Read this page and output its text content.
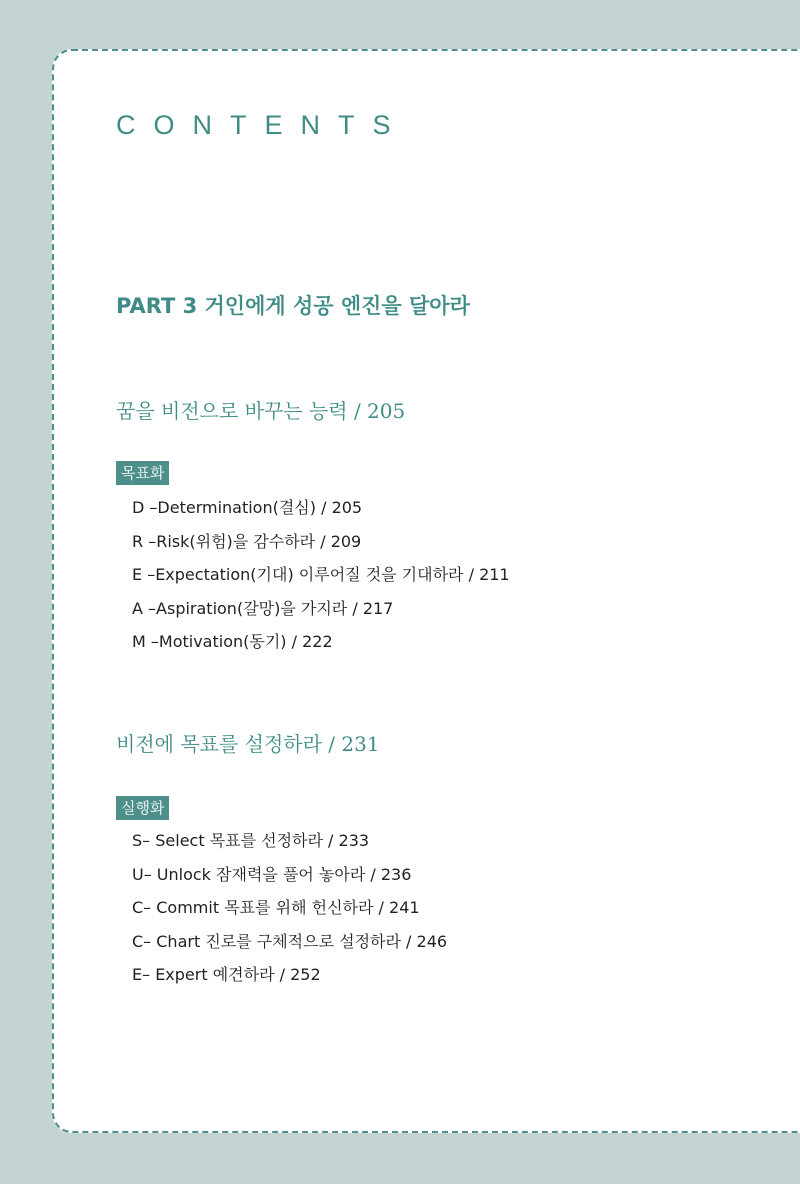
CONTENTS
PART 3 거인에게 성공 엔진을 달아라
꿈을 비전으로 바꾸는 능력 / 205
목표화
D –Determination(결심) / 205
R –Risk(위험)을 감수하라 / 209
E –Expectation(기대) 이루어질 것을 기대하라 / 211
A –Aspiration(갈망)을 가지라 / 217
M –Motivation(동기) / 222
비전에 목표를 설정하라 / 231
실행화
S– Select 목표를 선정하라 / 233
U– Unlock 잠재력을 풀어 놓아라 / 236
C– Commit 목표를 위해 헌신하라 / 241
C– Chart 진로를 구체적으로 설정하라 / 246
E– Expert 예견하라 / 252
